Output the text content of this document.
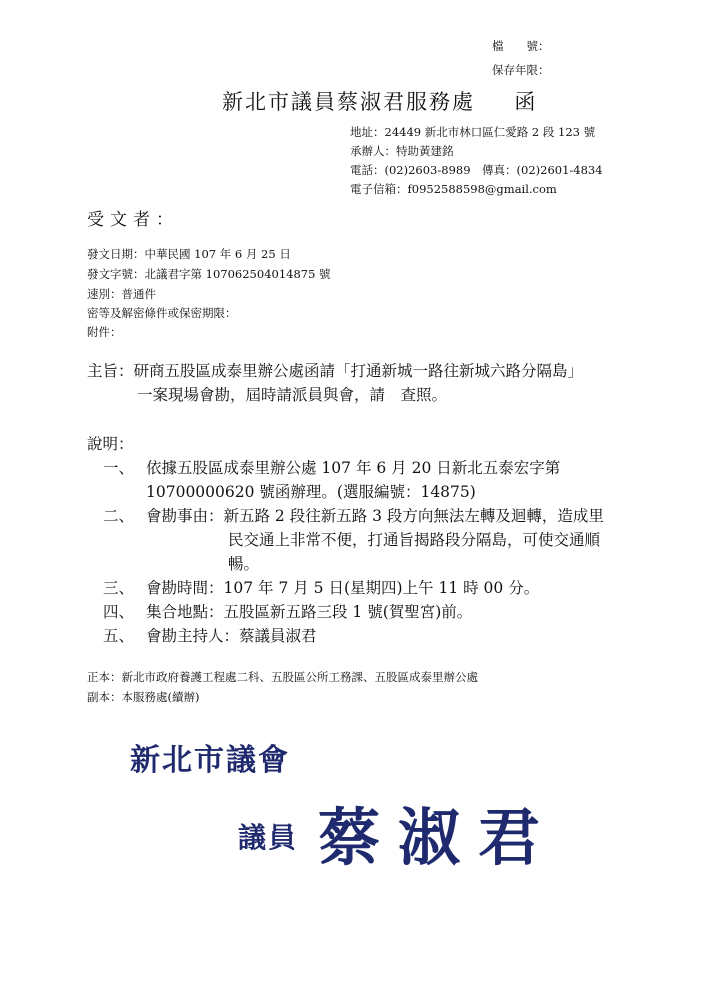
檔　　號：
保存年限：
新北市議員蔡淑君服務處 函
地址：24449 新北市林口區仁愛路 2 段 123 號
承辦人：特助黃建銘
電話：(02)2603-8989　傳真：(02)2601-4834
電子信箱：f0952588598@gmail.com
受文者：
發文日期：中華民國 107 年 6 月 25 日
發文字號：北議君字第 107062504014875 號
速別：普通件
密等及解密條件或保密期限：
附件：
主旨：研商五股區成泰里辦公處函請「打通新城一路往新城六路分隔島」
一案現場會勘，屆時請派員與會，請　查照。
說明：
一、 依據五股區成泰里辦公處 107 年 6 月 20 日新北五泰宏字第
10700000620 號函辦理。(選服編號：14875)
二、 會勘事由：新五路 2 段往新五路 3 段方向無法左轉及迴轉，造成里
民交通上非常不便，打通旨揭路段分隔島，可使交通順
暢。
三、 會勘時間：107 年 7 月 5 日(星期四)上午 11 時 00 分。
四、 集合地點：五股區新五路三段 1 號(賀聖宮)前。
五、 會勘主持人：蔡議員淑君
正本：新北市政府養護工程處二科、五股區公所工務課、五股區成泰里辦公處
副本：本服務處(續辦)
新北市議會
議員 蔡淑君
